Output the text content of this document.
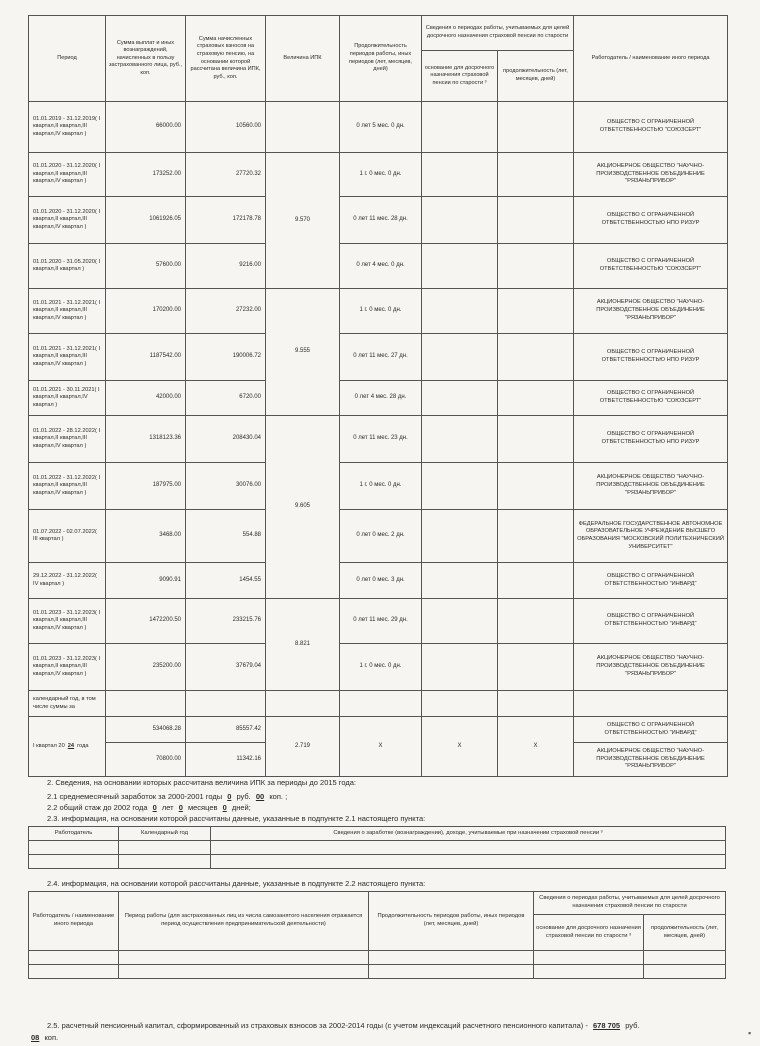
Период	Сумма выплат и иных вознаграждений, начисленных в пользу застрахованного лица, руб., коп.	Сумма начисленных страховых взносов на страховую пенсию, на основании которой рассчитана величина ИПК, руб., коп.	Величина ИПК	Продолжительность периодов работы, иных периодов (лет, месяцев, дней)	Сведения о периодах работы, учитываемых для целей досрочного назначения страховой пенсии по старости		Работодатель / наименование иного периода
					основание для досрочного назначения страховой пенсии по старости ³	продолжительность (лет, месяцев, дней)	
01.01.2019 - 31.12.2019( I квартал,II квартал,III квартал,IV квартал )	66000.00	10560.00		0 лет 5 мес. 0 дн.			ОБЩЕСТВО С ОГРАНИЧЕННОЙ ОТВЕТСТВЕННОСТЬЮ "СОЮЗСЕРТ"
01.01.2020 - 31.12.2020( I квартал,II квартал,III квартал,IV квартал )	173252.00	27720.32	9.570	1 г. 0 мес. 0 дн.			АКЦИОНЕРНОЕ ОБЩЕСТВО "НАУЧНО-ПРОИЗВОДСТВЕННОЕ ОБЪЕДИНЕНИЕ "РЯЗАНЬПРИБОР"
01.01.2020 - 31.12.2020( I квартал,II квартал,III квартал,IV квартал )	1061926.05	172178.78		0 лет 11 мес. 28 дн.			ОБЩЕСТВО С ОГРАНИЧЕННОЙ ОТВЕТСТВЕННОСТЬЮ НПО РИЗУР
01.01.2020 - 31.05.2020( I квартал,II квартал )	57600.00	9216.00		0 лет 4 мес. 0 дн.			ОБЩЕСТВО С ОГРАНИЧЕННОЙ ОТВЕТСТВЕННОСТЬЮ "СОЮЗСЕРТ"
01.01.2021 - 31.12.2021( I квартал,II квартал,III квартал,IV квартал )	170200.00	27232.00	9.555	1 г. 0 мес. 0 дн.			АКЦИОНЕРНОЕ ОБЩЕСТВО "НАУЧНО-ПРОИЗВОДСТВЕННОЕ ОБЪЕДИНЕНИЕ "РЯЗАНЬПРИБОР"
01.01.2021 - 31.12.2021( I квартал,II квартал,III квартал,IV квартал )	1187542.00	190006.72		0 лет 11 мес. 27 дн.			ОБЩЕСТВО С ОГРАНИЧЕННОЙ ОТВЕТСТВЕННОСТЬЮ НПО РИЗУР
01.01.2021 - 30.11.2021( I квартал,II квартал,IV квартал )	42000.00	6720.00		0 лет 4 мес. 28 дн.			ОБЩЕСТВО С ОГРАНИЧЕННОЙ ОТВЕТСТВЕННОСТЬЮ "СОЮЗСЕРТ"
01.01.2022 - 28.12.2022( I квартал,II квартал,III квартал,IV квартал )	1318123.36	208430.04	9.605	0 лет 11 мес. 23 дн.			ОБЩЕСТВО С ОГРАНИЧЕННОЙ ОТВЕТСТВЕННОСТЬЮ НПО РИЗУР
01.01.2022 - 31.12.2022( I квартал,II квартал,III квартал,IV квартал )	187975.00	30076.00		1 г. 0 мес. 0 дн.			АКЦИОНЕРНОЕ ОБЩЕСТВО "НАУЧНО-ПРОИЗВОДСТВЕННОЕ ОБЪЕДИНЕНИЕ "РЯЗАНЬПРИБОР"
01.07.2022 - 02.07.2022( III квартал )	3468.00	554.88		0 лет 0 мес. 2 дн.			ФЕДЕРАЛЬНОЕ ГОСУДАРСТВЕННОЕ АВТОНОМНОЕ ОБРАЗОВАТЕЛЬНОЕ УЧРЕЖДЕНИЕ ВЫСШЕГО ОБРАЗОВАНИЯ "МОСКОВСКИЙ ПОЛИТЕХНИЧЕСКИЙ УНИВЕРСИТЕТ"
29.12.2022 - 31.12.2022( IV квартал )	9090.91	1454.55		0 лет 0 мес. 3 дн.			ОБЩЕСТВО С ОГРАНИЧЕННОЙ ОТВЕТСТВЕННОСТЬЮ "ИНВАРД"
01.01.2023 - 31.12.2023( I квартал,II квартал,III квартал,IV квартал )	1472200.50	233215.76	8.821	0 лет 11 мес. 29 дн.			ОБЩЕСТВО С ОГРАНИЧЕННОЙ ОТВЕТСТВЕННОСТЬЮ "ИНВАРД"
01.01.2023 - 31.12.2023( I квартал,II квартал,III квартал,IV квартал )	235200.00	37679.04		1 г. 0 мес. 0 дн.			АКЦИОНЕРНОЕ ОБЩЕСТВО "НАУЧНО-ПРОИЗВОДСТВЕННОЕ ОБЪЕДИНЕНИЕ "РЯЗАНЬПРИБОР"
календарный год, в том числе суммы за							
I квартал 20 24 года	534068.28	85557.42	2.719	X	X	X	ОБЩЕСТВО С ОГРАНИЧЕННОЙ ОТВЕТСТВЕННОСТЬЮ "ИНВАРД"
	70800.00	11342.16					АКЦИОНЕРНОЕ ОБЩЕСТВО "НАУЧНО-ПРОИЗВОДСТВЕННОЕ ОБЪЕДИНЕНИЕ "РЯЗАНЬПРИБОР"
2. Сведения, на основании которых рассчитана величина ИПК за периоды до 2015 года:
2.1 среднемесячный заработок за 2000-2001 годы 0 руб. 00 коп. ;
2.2 общий стаж до 2002 года 0 лет 0 месяцев 0 дней;
2.3. информация, на основании которой рассчитаны данные, указанные в подпункте 2.1 настоящего пункта:
Работодатель	Календарный год	Сведения о заработке (вознаграждении), доходе, учитываемые при назначении страховой пенсии ³

2.4. информация, на основании которой рассчитаны данные, указанные в подпункте 2.2 настоящего пункта:
Работодатель / наименование иного периода	Период работы (для застрахованных лиц из числа самозанятого населения отражается период осуществления предпринимательской деятельности)	Продолжительность периодов работы, иных периодов (лет, месяцев, дней)	Сведения о периодах работы, учитываемых для целей досрочного назначения страховой пенсии по старости	
			основание для досрочного назначения страховой пенсии по старости ³	продолжительность (лет, месяцев, дней)

2.5. расчетный пенсионный капитал, сформированный из страховых взносов за 2002-2014 годы (с учетом индексаций расчетного пенсионного капитала) - 678 705 руб.
08 коп.	▪
